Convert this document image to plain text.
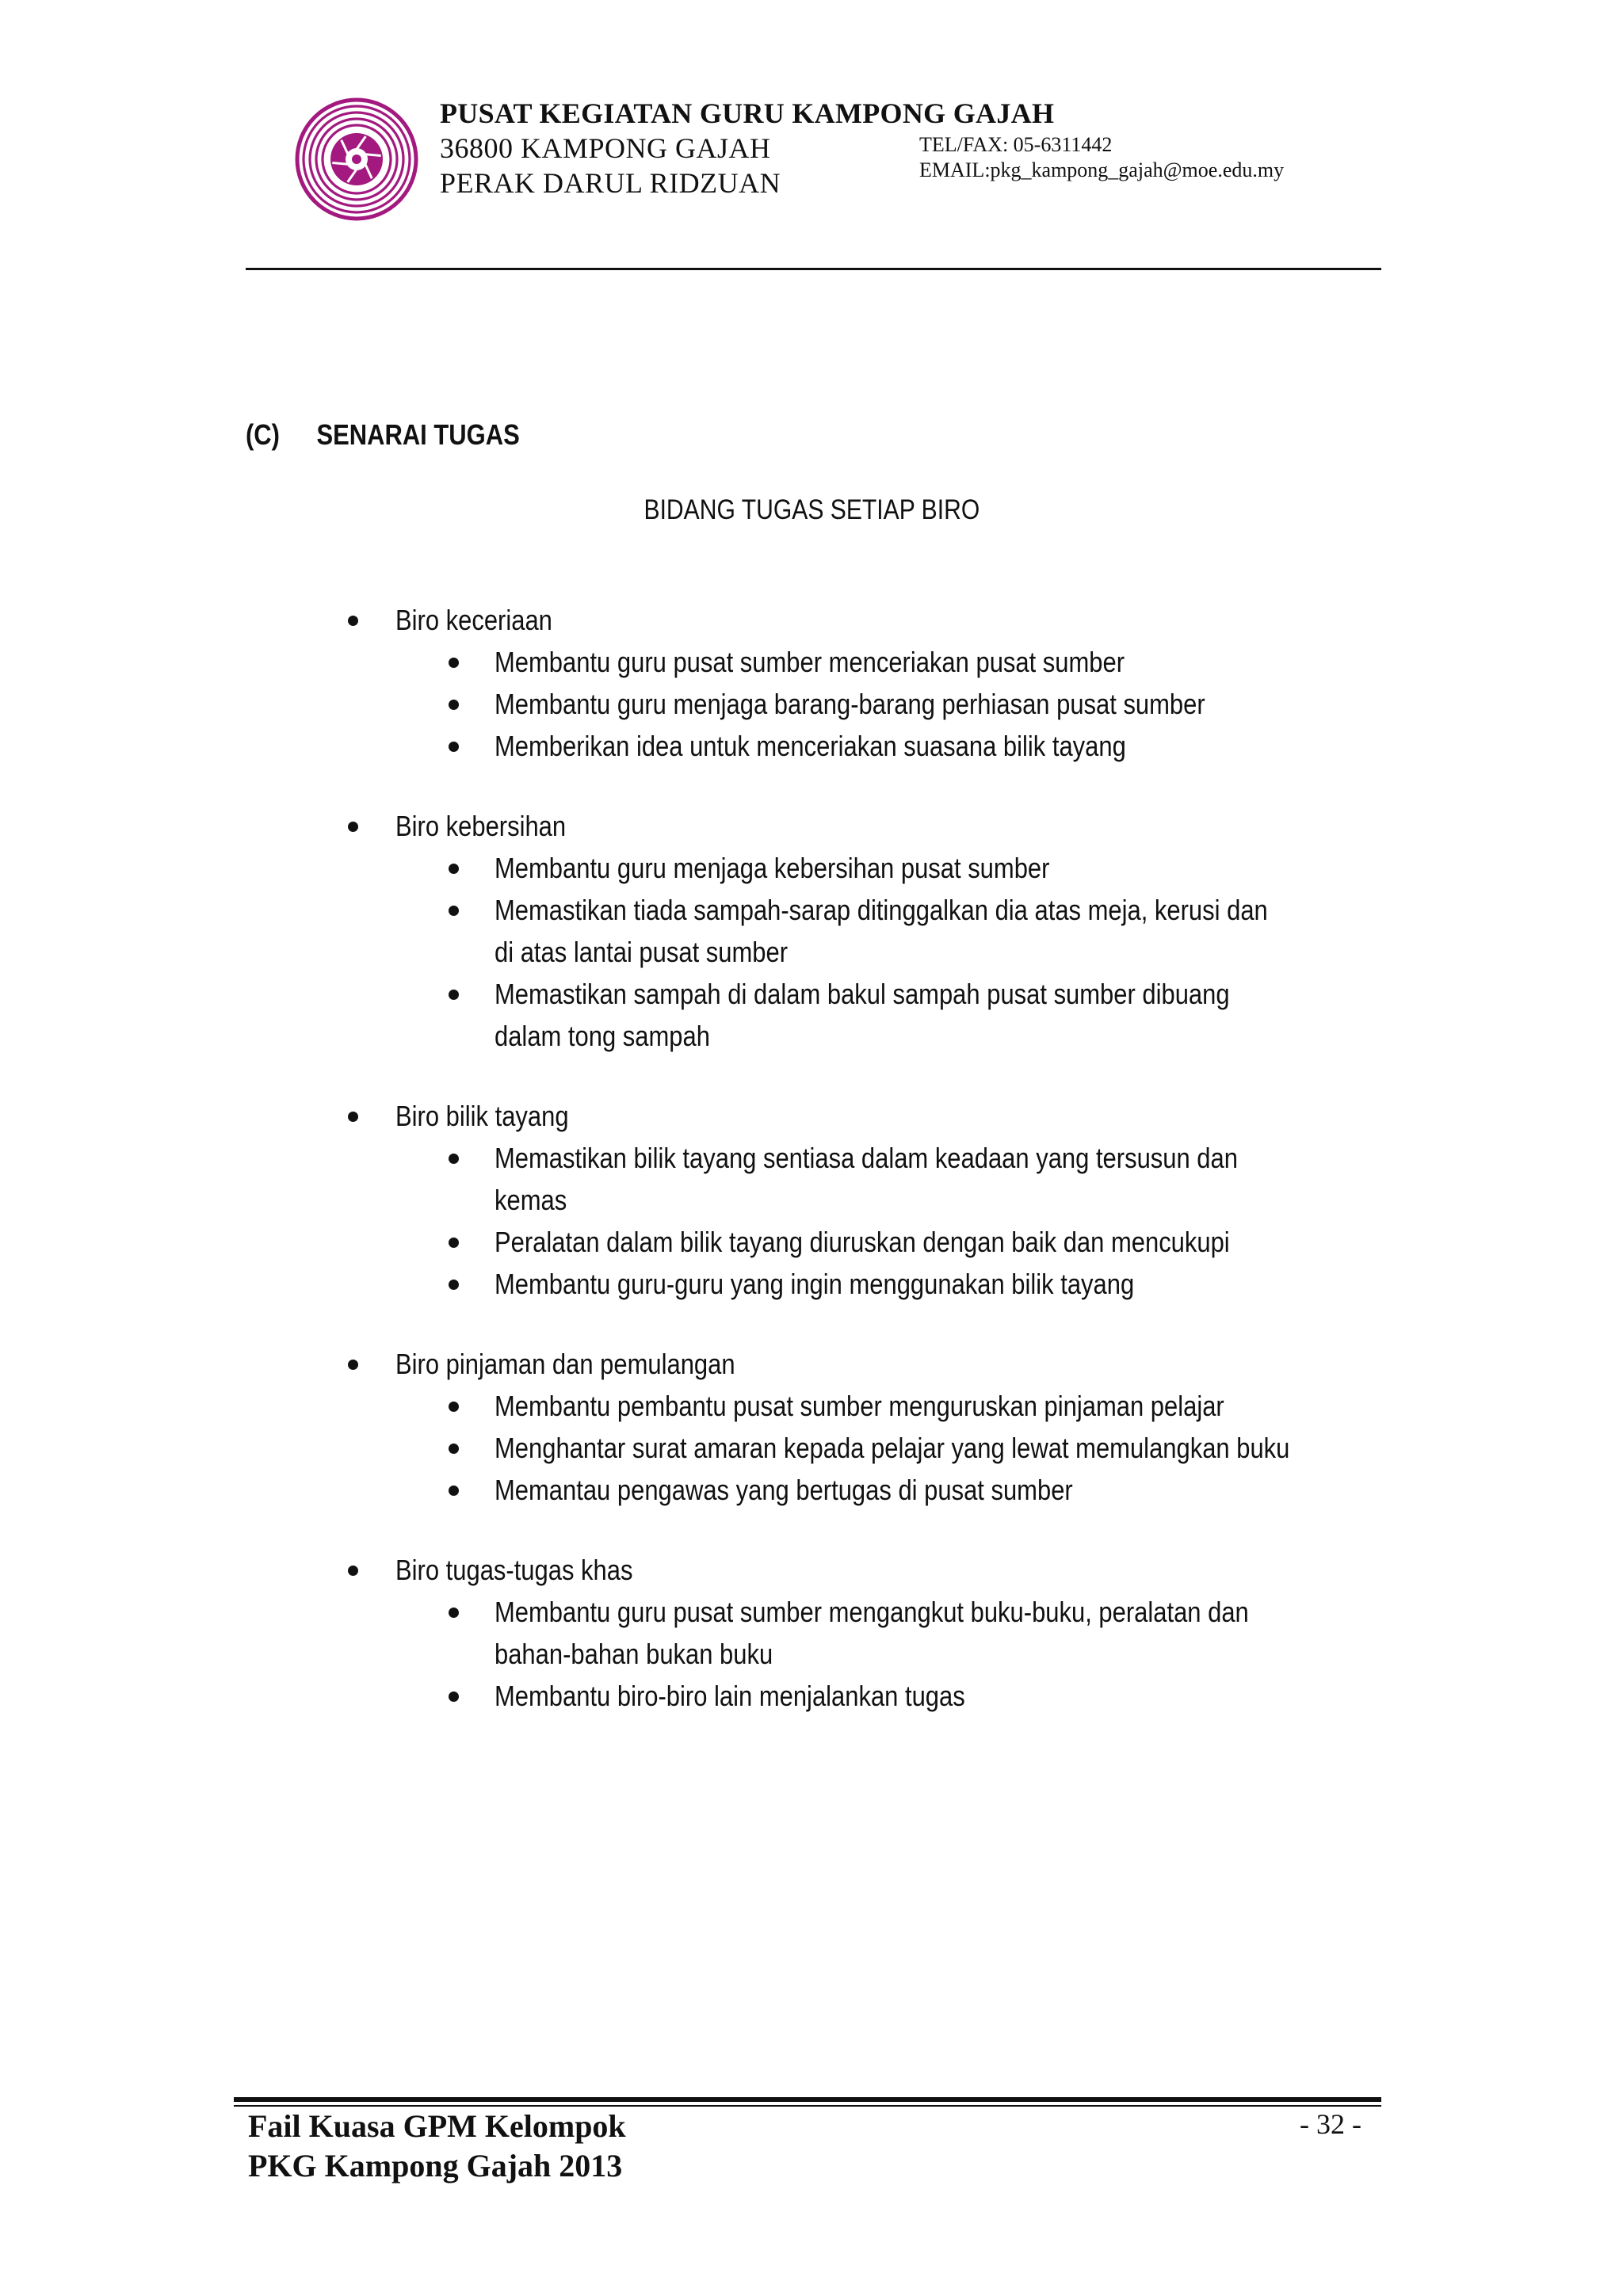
PUSAT KEGIATAN GURU KAMPONG GAJAH
36800 KAMPONG GAJAH
PERAK DARUL RIDZUAN
TEL/FAX: 05-6311442
EMAIL:pkg_kampong_gajah@moe.edu.my
(C) SENARAI TUGAS
BIDANG TUGAS SETIAP BIRO
Biro keceriaan
Membantu guru pusat sumber menceriakan pusat sumber
Membantu guru menjaga barang-barang perhiasan pusat sumber
Memberikan idea untuk menceriakan suasana bilik tayang
Biro kebersihan
Membantu guru menjaga kebersihan pusat sumber
Memastikan tiada sampah-sarap ditinggalkan dia atas meja, kerusi dan
di atas lantai pusat sumber
Memastikan sampah di dalam bakul sampah pusat sumber dibuang
dalam tong sampah
Biro bilik tayang
Memastikan bilik tayang sentiasa dalam keadaan yang tersusun dan
kemas
Peralatan dalam bilik tayang diuruskan dengan baik dan mencukupi
Membantu guru-guru yang ingin menggunakan bilik tayang
Biro pinjaman dan pemulangan
Membantu pembantu pusat sumber menguruskan pinjaman pelajar
Menghantar surat amaran kepada pelajar yang lewat memulangkan buku
Memantau pengawas yang bertugas di pusat sumber
Biro tugas-tugas khas
Membantu guru pusat sumber mengangkut buku-buku, peralatan dan
bahan-bahan bukan buku
Membantu biro-biro lain menjalankan tugas
Fail Kuasa GPM Kelompok
PKG Kampong Gajah 2013
- 32 -
